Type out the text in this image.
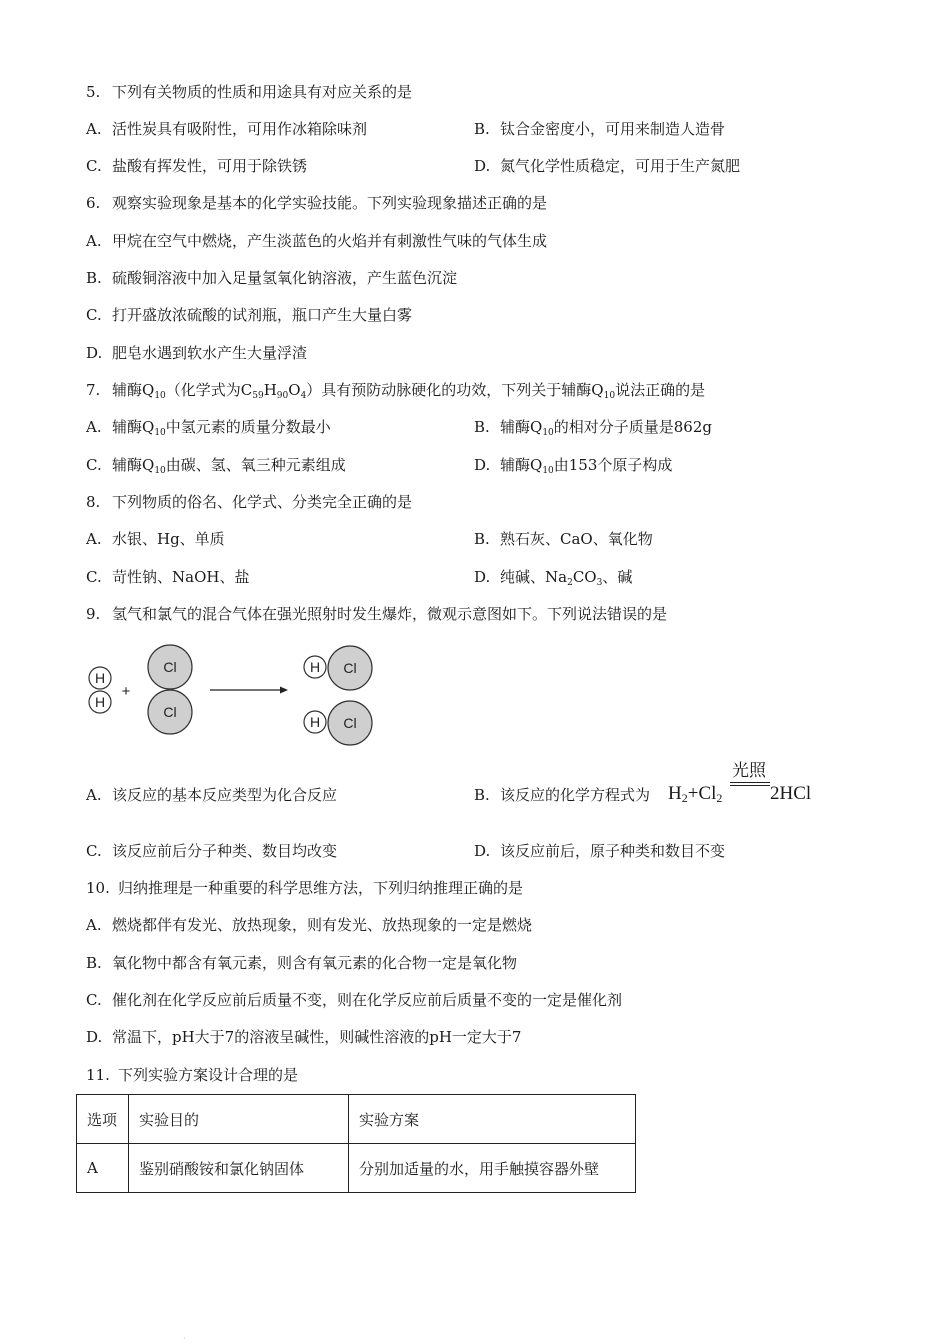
5. 下列有关物质的性质和用途具有对应关系的是
A. 活性炭具有吸附性，可用作冰箱除味剂	B. 钛合金密度小，可用来制造人造骨
C. 盐酸有挥发性，可用于除铁锈	D. 氮气化学性质稳定，可用于生产氮肥
6. 观察实验现象是基本的化学实验技能。下列实验现象描述正确的是
A. 甲烷在空气中燃烧，产生淡蓝色的火焰并有刺激性气味的气体生成
B. 硫酸铜溶液中加入足量氢氧化钠溶液，产生蓝色沉淀
C. 打开盛放浓硫酸的试剂瓶，瓶口产生大量白雾
D. 肥皂水遇到软水产生大量浮渣
7. 辅酶$Q_{10}$（化学式为$C_{59}H_{90}O_4$）具有预防动脉硬化的功效，下列关于辅酶$Q_{10}$说法正确的是
A. 辅酶$Q_{10}$中氢元素的质量分数最小	B. 辅酶$Q_{10}$的相对分子质量是862g
C. 辅酶$Q_{10}$由碳、氢、氧三种元素组成	D. 辅酶$Q_{10}$由153个原子构成
8. 下列物质的俗名、化学式、分类完全正确的是
A. 水银、Hg、单质	B. 熟石灰、CaO、氧化物
C. 苛性钠、NaOH、盐	D. 纯碱、$Na_2CO_3$、碱
9. 氢气和氯气的混合气体在强光照射时发生爆炸，微观示意图如下。下列说法错误的是
H
H
+
Cl
Cl
Cl
H
Cl
H
A. 该反应的基本反应类型为化合反应	B. 该反应的化学方程式为 $H_2+Cl_2$
光照
2HCl
C. 该反应前后分子种类、数目均改变	D. 该反应前后，原子种类和数目不变
10. 归纳推理是一种重要的科学思维方法，下列归纳推理正确的是
A. 燃烧都伴有发光、放热现象，则有发光、放热现象的一定是燃烧
B. 氧化物中都含有氧元素，则含有氧元素的化合物一定是氧化物
C. 催化剂在化学反应前后质量不变，则在化学反应前后质量不变的一定是催化剂
D. 常温下，pH大于7的溶液呈碱性，则碱性溶液的pH一定大于7
11. 下列实验方案设计合理的是
选项	实验目的	实验方案
A	鉴别硝酸铵和氯化钠固体	分别加适量的水，用手触摸容器外壁
·
